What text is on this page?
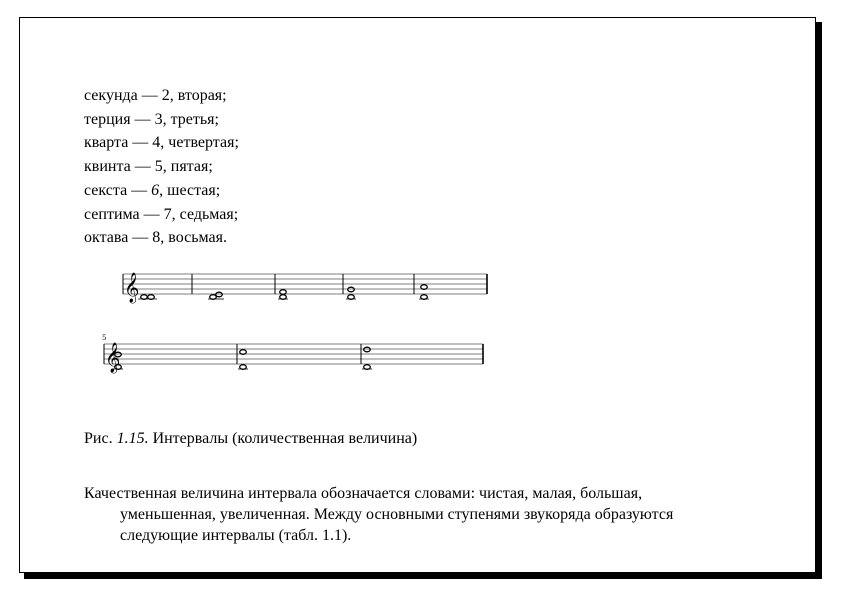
секунда — 2, вторая;
терция — 3, третья;
кварта — 4, четвертая;
квинта — 5, пятая;
секста — 6, шестая;
септима — 7, седьмая;
октава — 8, восьмая.
𝄞
5
𝄞
Рис. 1.15. Интервалы (количественная величина)
Качественная величина интервала обозначается словами: чистая, малая, большая,
уменьшенная, увеличенная. Между основными ступенями звукоряда образуются
следующие интервалы (табл. 1.1).
